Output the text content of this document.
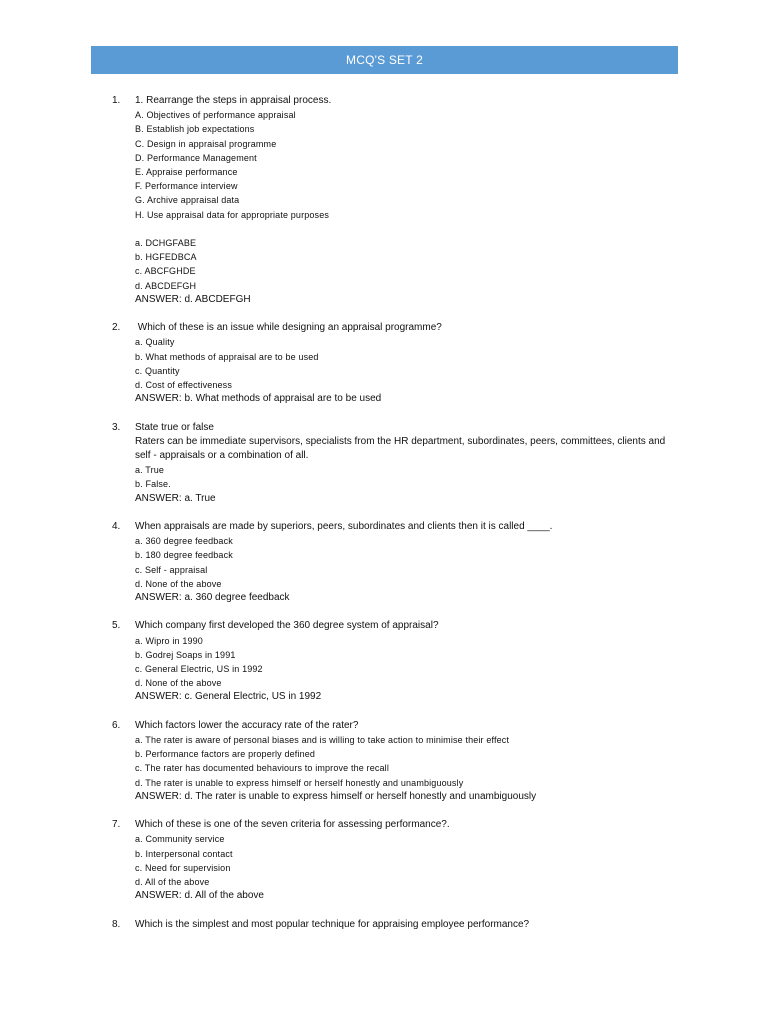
MCQ'S SET 2
1. 1. Rearrange the steps in appraisal process.
A. Objectives of performance appraisal
B. Establish job expectations
C. Design in appraisal programme
D. Performance Management
E. Appraise performance
F. Performance interview
G. Archive appraisal data
H. Use appraisal data for appropriate purposes
a. DCHGFABE
b. HGFEDBCA
c. ABCFGHDE
d. ABCDEFGH
ANSWER: d. ABCDEFGH
2. Which of these is an issue while designing an appraisal programme?
a. Quality
b. What methods of appraisal are to be used
c. Quantity
d. Cost of effectiveness
ANSWER: b. What methods of appraisal are to be used
3. State true or false
Raters can be immediate supervisors, specialists from the HR department, subordinates, peers, committees, clients and
self - appraisals or a combination of all.
a. True
b. False.
ANSWER: a. True
4. When appraisals are made by superiors, peers, subordinates and clients then it is called ____.
a. 360 degree feedback
b. 180 degree feedback
c. Self - appraisal
d. None of the above
ANSWER: a. 360 degree feedback
5. Which company first developed the 360 degree system of appraisal?
a. Wipro in 1990
b. Godrej Soaps in 1991
c. General Electric, US in 1992
d. None of the above
ANSWER: c. General Electric, US in 1992
6. Which factors lower the accuracy rate of the rater?
a. The rater is aware of personal biases and is willing to take action to minimise their effect
b. Performance factors are properly defined
c. The rater has documented behaviours to improve the recall
d. The rater is unable to express himself or herself honestly and unambiguously
ANSWER: d. The rater is unable to express himself or herself honestly and unambiguously
7. Which of these is one of the seven criteria for assessing performance?.
a. Community service
b. Interpersonal contact
c. Need for supervision
d. All of the above
ANSWER: d. All of the above
8. Which is the simplest and most popular technique for appraising employee performance?
